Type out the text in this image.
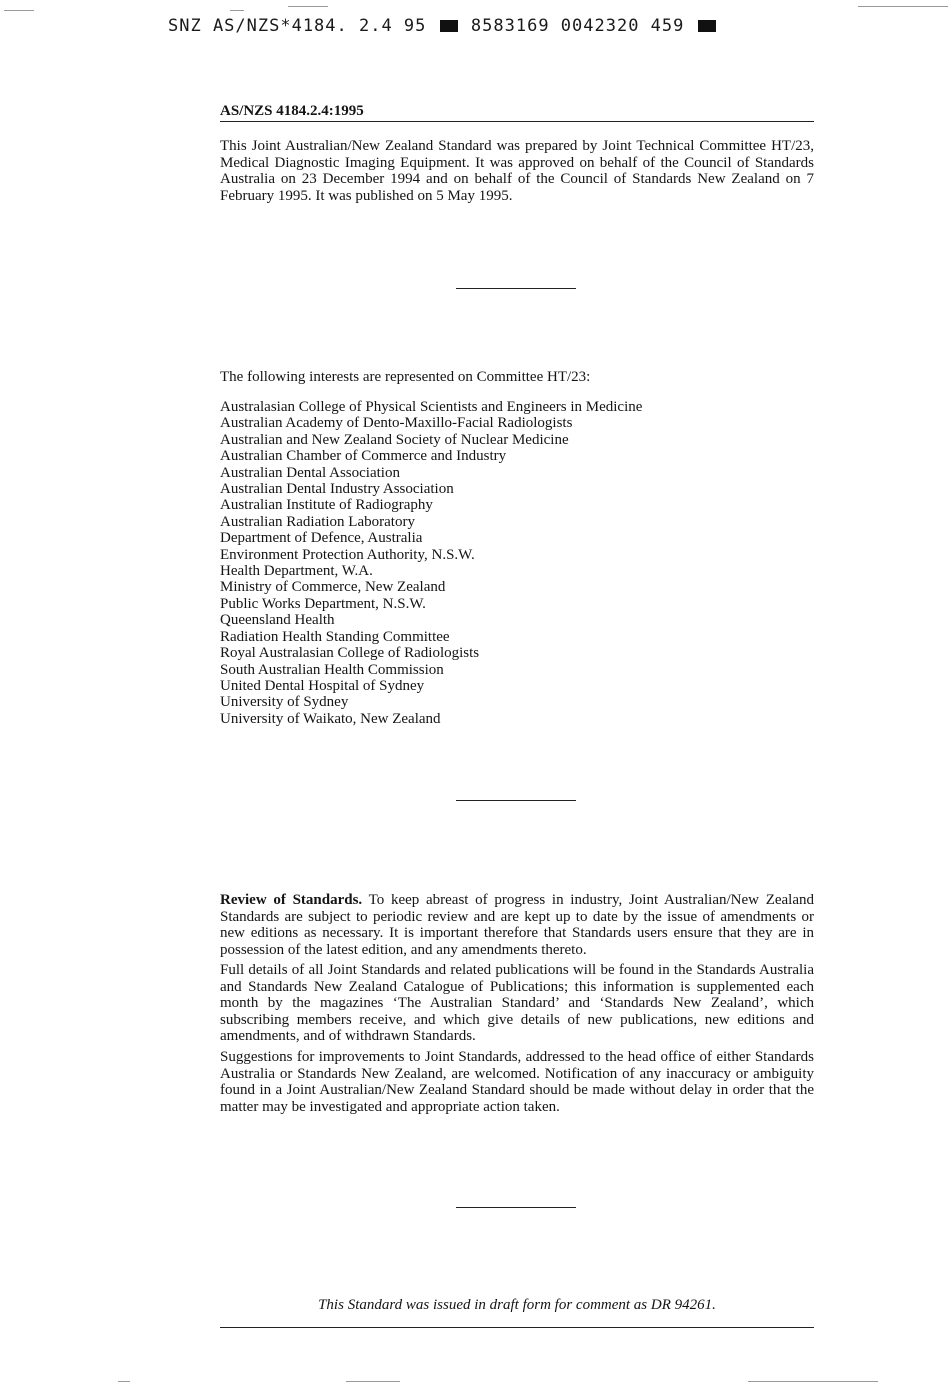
SNZ AS/NZS*4184. 2.4 95	8583169 0042320 459
AS/NZS 4184.2.4:1995

This Joint Australian/New Zealand Standard was prepared by Joint Technical Committee HT/23, Medical Diagnostic Imaging Equipment. It was approved on behalf of the Council of Standards Australia on 23 December 1994 and on behalf of the Council of Standards New Zealand on 7 February 1995. It was published on 5 May 1995.

The following interests are represented on Committee HT/23:
Australasian College of Physical Scientists and Engineers in Medicine
Australian Academy of Dento-Maxillo-Facial Radiologists
Australian and New Zealand Society of Nuclear Medicine
Australian Chamber of Commerce and Industry
Australian Dental Association
Australian Dental Industry Association
Australian Institute of Radiography
Australian Radiation Laboratory
Department of Defence, Australia
Environment Protection Authority, N.S.W.
Health Department, W.A.
Ministry of Commerce, New Zealand
Public Works Department, N.S.W.
Queensland Health
Radiation Health Standing Committee
Royal Australasian College of Radiologists
South Australian Health Commission
United Dental Hospital of Sydney
University of Sydney
University of Waikato, New Zealand

Review of Standards. To keep abreast of progress in industry, Joint Australian/New Zealand Standards are subject to periodic review and are kept up to date by the issue of amendments or new editions as necessary. It is important therefore that Standards users ensure that they are in possession of the latest edition, and any amendments thereto.

Full details of all Joint Standards and related publications will be found in the Standards Australia and Standards New Zealand Catalogue of Publications; this information is supplemented each month by the magazines ‘The Australian Standard’ and ‘Standards New Zealand’, which subscribing members receive, and which give details of new publications, new editions and amendments, and of withdrawn Standards.

Suggestions for improvements to Joint Standards, addressed to the head office of either Standards Australia or Standards New Zealand, are welcomed. Notification of any inaccuracy or ambiguity found in a Joint Australian/New Zealand Standard should be made without delay in order that the matter may be investigated and appropriate action taken.

This Standard was issued in draft form for comment as DR 94261.
